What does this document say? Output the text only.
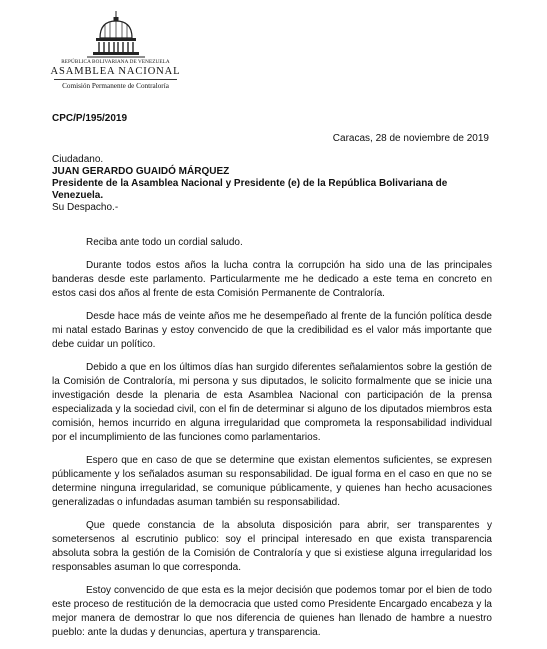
REPÚBLICA BOLIVARIANA DE VENEZUELA
ASAMBLEA NACIONAL
Comisión Permanente de Contraloría
CPC/P/195/2019
Caracas, 28 de noviembre de 2019
Ciudadano.
JUAN GERARDO GUAIDÓ MÁRQUEZ
Presidente de la Asamblea Nacional y Presidente (e) de la República Bolivariana de Venezuela.
Su Despacho.-

Reciba ante todo un cordial saludo.

Durante todos estos años la lucha contra la corrupción ha sido una de las principales banderas desde este parlamento. Particularmente me he dedicado a este tema en concreto en estos casi dos años al frente de esta Comisión Permanente de Contraloría.

Desde hace más de veinte años me he desempeñado al frente de la función política desde mi natal estado Barinas y estoy convencido de que la credibilidad es el valor más importante que debe cuidar un político.

Debido a que en los últimos días han surgido diferentes señalamientos sobre la gestión de la Comisión de Contraloría, mi persona y sus diputados, le solicito formalmente que se inicie una investigación desde la plenaria de esta Asamblea Nacional con participación de la prensa especializada y la sociedad civil, con el fin de determinar si alguno de los diputados miembros esta comisión, hemos incurrido en alguna irregularidad que comprometa la responsabilidad individual por el incumplimiento de las funciones como parlamentarios.

Espero que en caso de que se determine que existan elementos suficientes, se expresen públicamente y los señalados asuman su responsabilidad. De igual forma en el caso en que no se determine ninguna irregularidad, se comunique públicamente, y quienes han hecho acusaciones generalizadas o infundadas asuman también su responsabilidad.

Que quede constancia de la absoluta disposición para abrir, ser transparentes y sometersenos al escrutinio publico: soy el principal interesado en que exista transparencia absoluta sobra la gestión de la Comisión de Contraloría y que si existiese alguna irregularidad los responsables asuman lo que corresponda.

Estoy convencido de que esta es la mejor decisión que podemos tomar por el bien de todo este proceso de restitución de la democracia que usted como Presidente Encargado encabeza y la mejor manera de demostrar lo que nos diferencia de quienes han llenado de hambre a nuestro pueblo: ante la dudas y denuncias, apertura y transparencia.
